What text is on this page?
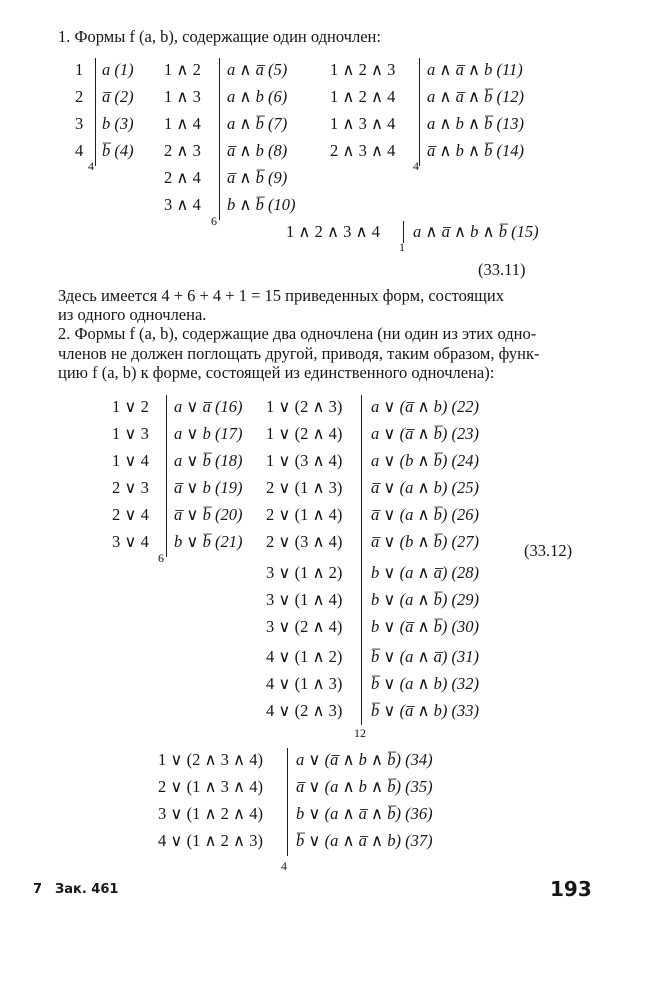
1. Формы f (a, b), содержащие один одночлен:
1
2
3
4
a (1)
a̅ (2)
b (3)
b̅ (4)
4
1 ∧ 2
1 ∧ 3
1 ∧ 4
2 ∧ 3
2 ∧ 4
3 ∧ 4
a ∧ a̅ (5)
a ∧ b (6)
a ∧ b̅ (7)
a̅ ∧ b (8)
a̅ ∧ b̅ (9)
b ∧ b̅ (10)
6
1 ∧ 2 ∧ 3
1 ∧ 2 ∧ 4
1 ∧ 3 ∧ 4
2 ∧ 3 ∧ 4
a ∧ a̅ ∧ b (11)
a ∧ a̅ ∧ b̅ (12)
a ∧ b ∧ b̅ (13)
a̅ ∧ b ∧ b̅ (14)
4
1 ∧ 2 ∧ 3 ∧ 4 a ∧ a̅ ∧ b ∧ b̅ (15)
1
(33.11)
Здесь имеется 4 + 6 + 4 + 1 = 15 приведенных форм, состоящих
из одного одночлена.
2. Формы f (a, b), содержащие два одночлена (ни один из этих одно-
членов не должен поглощать другой, приводя, таким образом, функ-
цию f (a, b) к форме, состоящей из единственного одночлена):
1 ∨ 2
1 ∨ 3
1 ∨ 4
2 ∨ 3
2 ∨ 4
3 ∨ 4
a ∨ a̅ (16)
a ∨ b (17)
a ∨ b̅ (18)
a̅ ∨ b (19)
a̅ ∨ b̅ (20)
b ∨ b̅ (21)
6
1 ∨ (2 ∧ 3)
1 ∨ (2 ∧ 4)
1 ∨ (3 ∧ 4)
2 ∨ (1 ∧ 3)
2 ∨ (1 ∧ 4)
2 ∨ (3 ∧ 4)
3 ∨ (1 ∧ 2)
3 ∨ (1 ∧ 4)
3 ∨ (2 ∧ 4)
4 ∨ (1 ∧ 2)
4 ∨ (1 ∧ 3)
4 ∨ (2 ∧ 3)
a ∨ (a̅ ∧ b) (22)
a ∨ (a̅ ∧ b̅) (23)
a ∨ (b ∧ b̅) (24)
a̅ ∨ (a ∧ b) (25)
a̅ ∨ (a ∧ b̅) (26)
a̅ ∨ (b ∧ b̅) (27)
b ∨ (a ∧ a̅) (28)
b ∨ (a ∧ b̅) (29)
b ∨ (a̅ ∧ b̅) (30)
b̅ ∨ (a ∧ a̅) (31)
b̅ ∨ (a ∧ b) (32)
b̅ ∨ (a̅ ∧ b) (33)
12
(33.12)
1 ∨ (2 ∧ 3 ∧ 4)
2 ∨ (1 ∧ 3 ∧ 4)
3 ∨ (1 ∧ 2 ∧ 4)
4 ∨ (1 ∧ 2 ∧ 3)
a ∨ (a̅ ∧ b ∧ b̅) (34)
a̅ ∨ (a ∧ b ∧ b̅) (35)
b ∨ (a ∧ a̅ ∧ b̅) (36)
b̅ ∨ (a ∧ a̅ ∧ b) (37)
4
7 Зак. 461	193
